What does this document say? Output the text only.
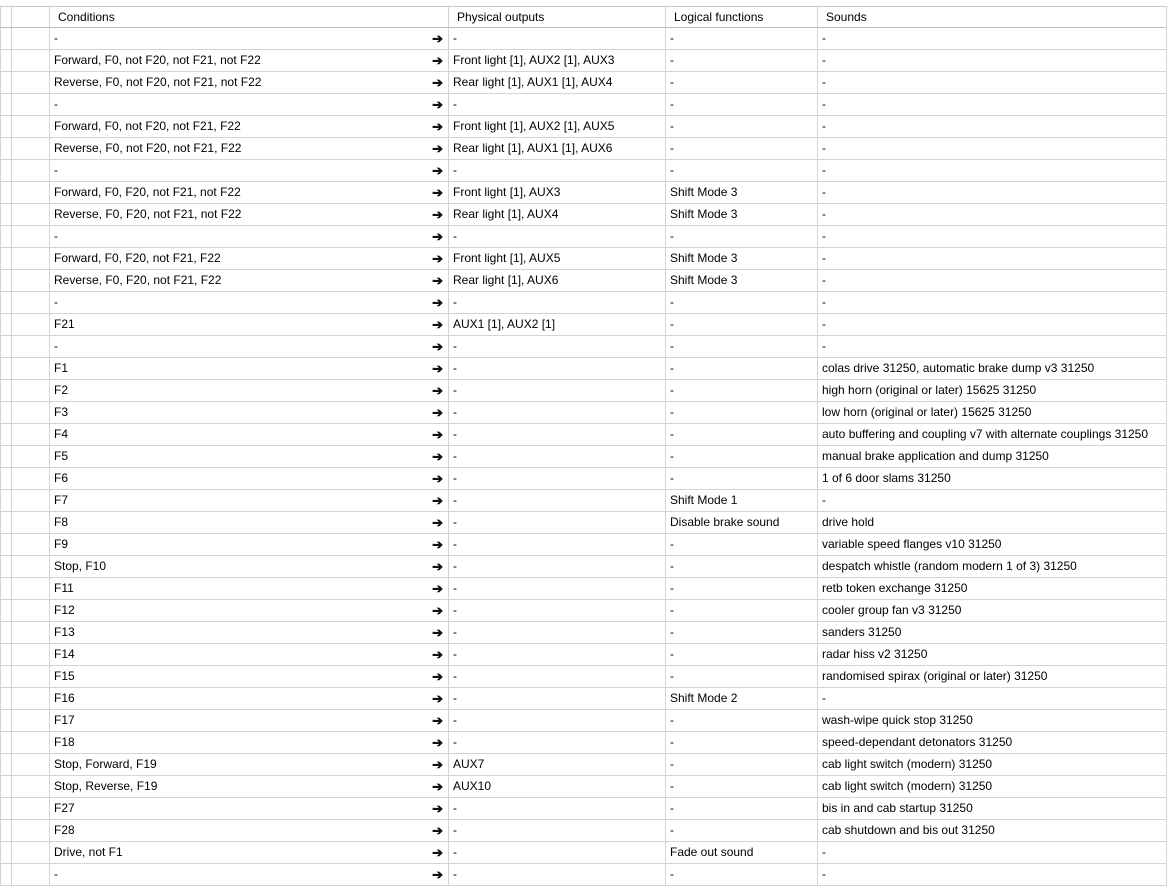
Conditions	Physical outputs	Logical functions	Sounds
-	➔ -	-	-
Forward, F0, not F20, not F21, not F22	➔ Front light [1], AUX2 [1], AUX3	-	-
Reverse, F0, not F20, not F21, not F22	➔ Rear light [1], AUX1 [1], AUX4	-	-
-	➔ -	-	-
Forward, F0, not F20, not F21, F22	➔ Front light [1], AUX2 [1], AUX5	-	-
Reverse, F0, not F20, not F21, F22	➔ Rear light [1], AUX1 [1], AUX6	-	-
-	➔ -	-	-
Forward, F0, F20, not F21, not F22	➔ Front light [1], AUX3	Shift Mode 3	-
Reverse, F0, F20, not F21, not F22	➔ Rear light [1], AUX4	Shift Mode 3	-
-	➔ -	-	-
Forward, F0, F20, not F21, F22	➔ Front light [1], AUX5	Shift Mode 3	-
Reverse, F0, F20, not F21, F22	➔ Rear light [1], AUX6	Shift Mode 3	-
-	➔ -	-	-
F21	➔ AUX1 [1], AUX2 [1]	-	-
-	➔ -	-	-
F1	➔ -	-	colas drive 31250, automatic brake dump v3 31250
F2	➔ -	-	high horn (original or later) 15625 31250
F3	➔ -	-	low horn (original or later) 15625 31250
F4	➔ -	-	auto buffering and coupling v7 with alternate couplings 31250
F5	➔ -	-	manual brake application and dump 31250
F6	➔ -	-	1 of 6 door slams 31250
F7	➔ -	Shift Mode 1	-
F8	➔ -	Disable brake sound	drive hold
F9	➔ -	-	variable speed flanges v10 31250
Stop, F10	➔ -	-	despatch whistle (random modern 1 of 3) 31250
F11	➔ -	-	retb token exchange 31250
F12	➔ -	-	cooler group fan v3 31250
F13	➔ -	-	sanders 31250
F14	➔ -	-	radar hiss v2 31250
F15	➔ -	-	randomised spirax (original or later) 31250
F16	➔ -	Shift Mode 2	-
F17	➔ -	-	wash-wipe quick stop 31250
F18	➔ -	-	speed-dependant detonators 31250
Stop, Forward, F19	➔ AUX7	-	cab light switch (modern) 31250
Stop, Reverse, F19	➔ AUX10	-	cab light switch (modern) 31250
F27	➔ -	-	bis in and cab startup 31250
F28	➔ -	-	cab shutdown and bis out 31250
Drive, not F1	➔ -	Fade out sound	-
-	➔ -	-	-
